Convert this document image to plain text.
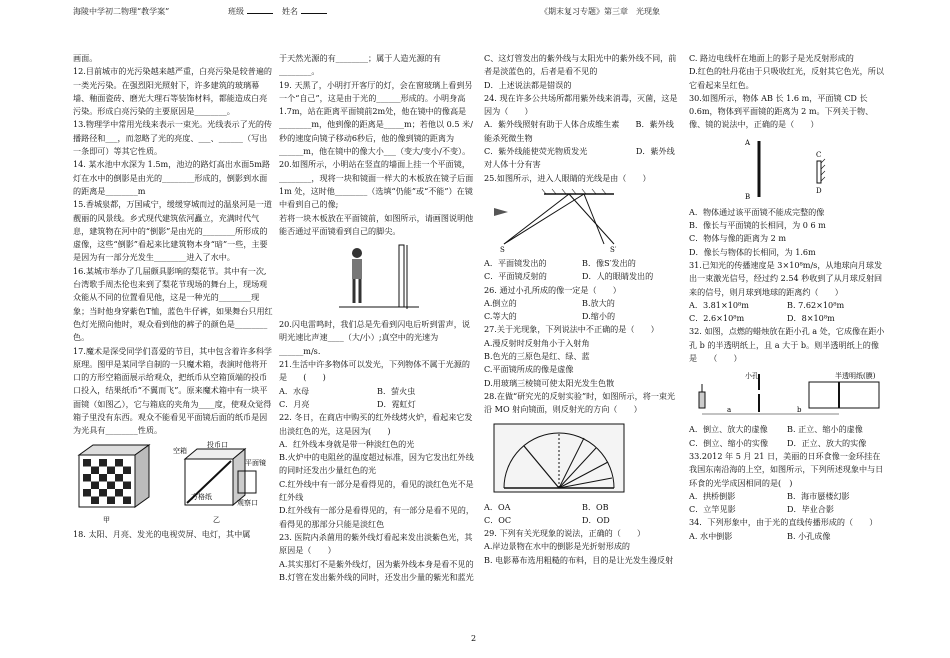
海陵中学初二物理“教学案”	班级	姓名	《期末复习专题》第三章　光现象

画面。

12.目前城市的光污染越来越严重，白亮污染是较普遍的一类光污染。在强烈阳光照射下，许多建筑的玻璃幕墙、釉面瓷砖、磨光大理石等装饰材料，都能造成白亮污染。形成白亮污染的主要原因是________。

13.物理学中常用光线来表示一束光。光线表示了光的传播路径和___，而忽略了光的亮度、___、______（写出一条即可）等其它性质。

14. 某水池中水深为 1.5m，池边的路灯高出水面5m路灯在水中的倒影是由光的________形成的，倒影到水面的距离是________m

15.香城泉都，万国咸宁，缓缓穿城而过的温泉河是一道靓丽的风景线。乡式现代建筑依河矗立，充满时代气息，建筑物在河中的“倒影”是由光的________所形成的虚像，这些“倒影”看起来比建筑物本身“暗”一些，主要是因为有一部分光发生________进入了水中。

16.某城市举办了几届颇具影响的梨花节。其中有一次,台湾歌手周杰伦也来到了梨花节现场的舞台上，现场观众能从不同的位置看见他，这是一种光的________现象；当时他身穿紫色T恤，蓝色牛仔裤，如果舞台只用红色灯光照向他时，观众看到他的裤子的颜色是________色。

17.魔术是深受同学们喜爱的节目，其中包含着许多科学原理。图甲是某同学自制的一只魔术箱，表演时他将开口的方形空箱面展示给观众，把纸币从空箱顶端的投币口投入，结果纸币“不翼而飞”。原来魔术箱中有一块平面镜（如图乙），它与箱底的夹角为____度，使观众觉得箱子里没有东西。观众不能看见平面镜后面的纸币是因为光具有________性质。

空箱
投币口
平面镜
方格纸
观察口
甲	乙

18. 太阳、月亮、发光的电视荧屏、电灯，其中属

于天然光源的有________；属于人造光源的有________。

19. 天黑了，小明打开客厅的灯，会在窗玻璃上看到另一个“自己”，这是由于光的______形成的。小明身高1.7m，站在距离平面镜前2m处，他在镜中的像高是________m，他到像的距离是_____m；若他以 0.5 米/秒的速度向镜子移动6秒后，他的像到镜的距离为______m，他在镜中的像大小___（变大/变小/不变）。

20.如图所示，小明站在竖直的墙面上挂一个平面镜，________，现将一块和镜面一样大的木板放在镜子后面 1m 处，这时他________（选填“仍能”或“不能”）在镜中看到自己的像;

若将一块木板放在平面镜前，如图所示，请画图说明他能否通过平面镜看到自己的脚尖。

20.闪电雷鸣时，我们总是先看到闪电后听到雷声，说明光速比声速____（大/小）;真空中的光速为______m/s.

21.生活中许多物体可以发光，下列物体不属于光源的是　　(　　)

A．水母	B．萤火虫
C．月亮	D．霓虹灯

22. 冬日，在商店中购买的红外线烤火炉，看起来它发出淡红色的光，这是因为(　　)

A．红外线本身就是带一种淡红色的光

B.火炉中的电阻丝的温度超过标准，因为它发出红外线的同时还发出少量红色的光

C.红外线中有一部分是看得见的，看见的淡红色光不是红外线

D.红外线有一部分是看得见的，有一部分是看不见的，看得见的那部分只能是淡红色

23. 医院内杀菌用的紫外线灯看起来发出淡紫色光，其原因是（　　）

A.其实那灯不是紫外线灯，因为紫外线本身是看不见的

B.灯管在发出紫外线的同时，还发出少量的紫光和蓝光

C、这灯管发出的紫外线与太阳光中的紫外线不同，前者是淡蓝色的，后者是看不见的

D．上述说法都是错误的

24. 现在许多公共场所都用紫外线来消毒，灭菌，这是因为（　　）

A．紫外线照射有助于人体合成维生素　　B．紫外线能杀死微生物

C．紫外线能使荧光物质发光　　　　　　D．紫外线对人体十分有害

25.如图所示，进入人眼睛的光线是由（　　）

S	S′
A．平面镜发出的	B．像S′发出的
C．平面镜反射的	D．人的眼睛发出的

26. 通过小孔所成的像一定是（　　）

A.倒立的	B.放大的
C.等大的	D.缩小的

27.关于光现象，下列说法中不正确的是（　　）

A.漫反射时反射角小于入射角

B.色光的三原色是红、绿、蓝

C.平面镜所成的像是虚像

D.用玻璃三棱镜可使太阳光发生色散

28.在做“研究光的反射实验”时，如图所示，将一束光沿 MO 射向镜面，则反射光的方向（　　）

A．OA	B．OB
C．OC	D．OD

29. 下列有关光现象的说法，正确的（　　）

A.岸边景物在水中的倒影是光折射形成的

B. 电影幕布选用粗糙的布料，目的是让光发生漫反射

C. 路边电线杆在地面上的影子是光反射形成的

D.红色的牡丹花由于只吸收红光，反射其它色光，所以它看起来呈红色。

30.如图所示，物体 AB 长 1.6 m，平面镜 CD 长 0.6m，物体到平面镜的距离为 2 m。下列关于物、像、镜的说法中，正确的是（　　）

A
B
C
D

A．物体通过该平面镜不能成完整的像

B．像长与平面镜的长相同，为 0 6 m

C．物体与像的距离为 2 m

D．像长与物体的长相同，为 1.6m

31.已知光的传播速度是 3×10⁸m/s，从地球向月球发出一束激光信号，经过约 2.54 秒收到了从月球反射回来的信号，则月球到地球的距离约（　　）

A．3.81×10⁸m	B. 7.62×10⁸m
C．2.6×10⁸m	D．8×10⁸m

32. 如图，点燃的蜡烛放在距小孔 a 处，它成像在距小孔 b 的半透明纸上，且 a 大于 b。则半透明纸上的像是　　（　　）

小孔	半透明纸(膜)
a	b
A．倒立、放大的虚像	B. 正立、缩小的虚像
C．倒立、缩小的实像	D．正立、放大的实像

33.2012 年 5 月 21 日，美丽的日环食像一金环挂在我国东南沿海的上空，如图所示，下列所述现象中与日环食的光学成因相同的是(　)

A．拱桥倒影	B．海市蜃楼幻影
C．立竿见影	D．毕业合影

34．下列形象中，由于光的直线传播形成的（　　）

A. 水中倒影	B. 小孔成像
2
